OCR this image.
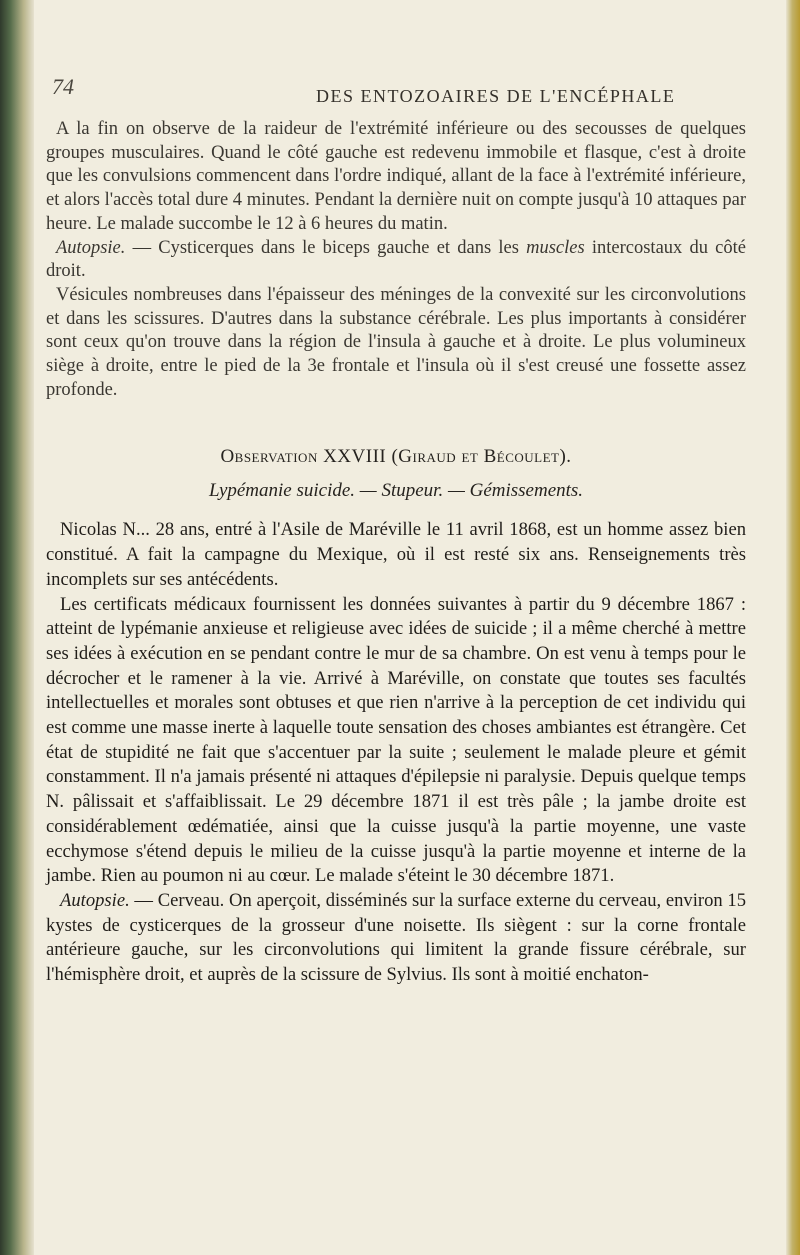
74	DES ENTOZOAIRES DE L'ENCÉPHALE

A la fin on observe de la raideur de l'extrémité inférieure ou des secousses de quelques groupes musculaires. Quand le côté gauche est redevenu immobile et flasque, c'est à droite que les convulsions commencent dans l'ordre indiqué, allant de la face à l'extrémité inférieure, et alors l'accès total dure 4 minutes. Pendant la dernière nuit on compte jusqu'à 10 attaques par heure. Le malade succombe le 12 à 6 heures du matin.

Autopsie. — Cysticerques dans le biceps gauche et dans les muscles intercostaux du côté droit.

Vésicules nombreuses dans l'épaisseur des méninges de la convexité sur les circonvolutions et dans les scissures. D'autres dans la substance cérébrale. Les plus importants à considérer sont ceux qu'on trouve dans la région de l'insula à gauche et à droite. Le plus volumineux siège à droite, entre le pied de la 3e frontale et l'insula où il s'est creusé une fossette assez profonde.

Observation XXVIII (Giraud et Bécoulet).
Lypémanie suicide. — Stupeur. — Gémissements.

Nicolas N... 28 ans, entré à l'Asile de Maréville le 11 avril 1868, est un homme assez bien constitué. A fait la campagne du Mexique, où il est resté six ans. Renseignements très incomplets sur ses antécédents.

Les certificats médicaux fournissent les données suivantes à partir du 9 décembre 1867 : atteint de lypémanie anxieuse et religieuse avec idées de suicide ; il a même cherché à mettre ses idées à exécution en se pendant contre le mur de sa chambre. On est venu à temps pour le décrocher et le ramener à la vie. Arrivé à Maréville, on constate que toutes ses facultés intellectuelles et morales sont obtuses et que rien n'arrive à la perception de cet individu qui est comme une masse inerte à laquelle toute sensation des choses ambiantes est étrangère. Cet état de stupidité ne fait que s'accentuer par la suite ; seulement le malade pleure et gémit constamment. Il n'a jamais présenté ni attaques d'épilepsie ni paralysie. Depuis quelque temps N. pâlissait et s'affaiblissait. Le 29 décembre 1871 il est très pâle ; la jambe droite est considérablement œdématiée, ainsi que la cuisse jusqu'à la partie moyenne, une vaste ecchymose s'étend depuis le milieu de la cuisse jusqu'à la partie moyenne et interne de la jambe. Rien au poumon ni au cœur. Le malade s'éteint le 30 décembre 1871.

Autopsie. — Cerveau. On aperçoit, disséminés sur la surface externe du cerveau, environ 15 kystes de cysticerques de la grosseur d'une noisette. Ils siègent : sur la corne frontale antérieure gauche, sur les circonvolutions qui limitent la grande fissure cérébrale, sur l'hémisphère droit, et auprès de la scissure de Sylvius. Ils sont à moitié enchaton-
